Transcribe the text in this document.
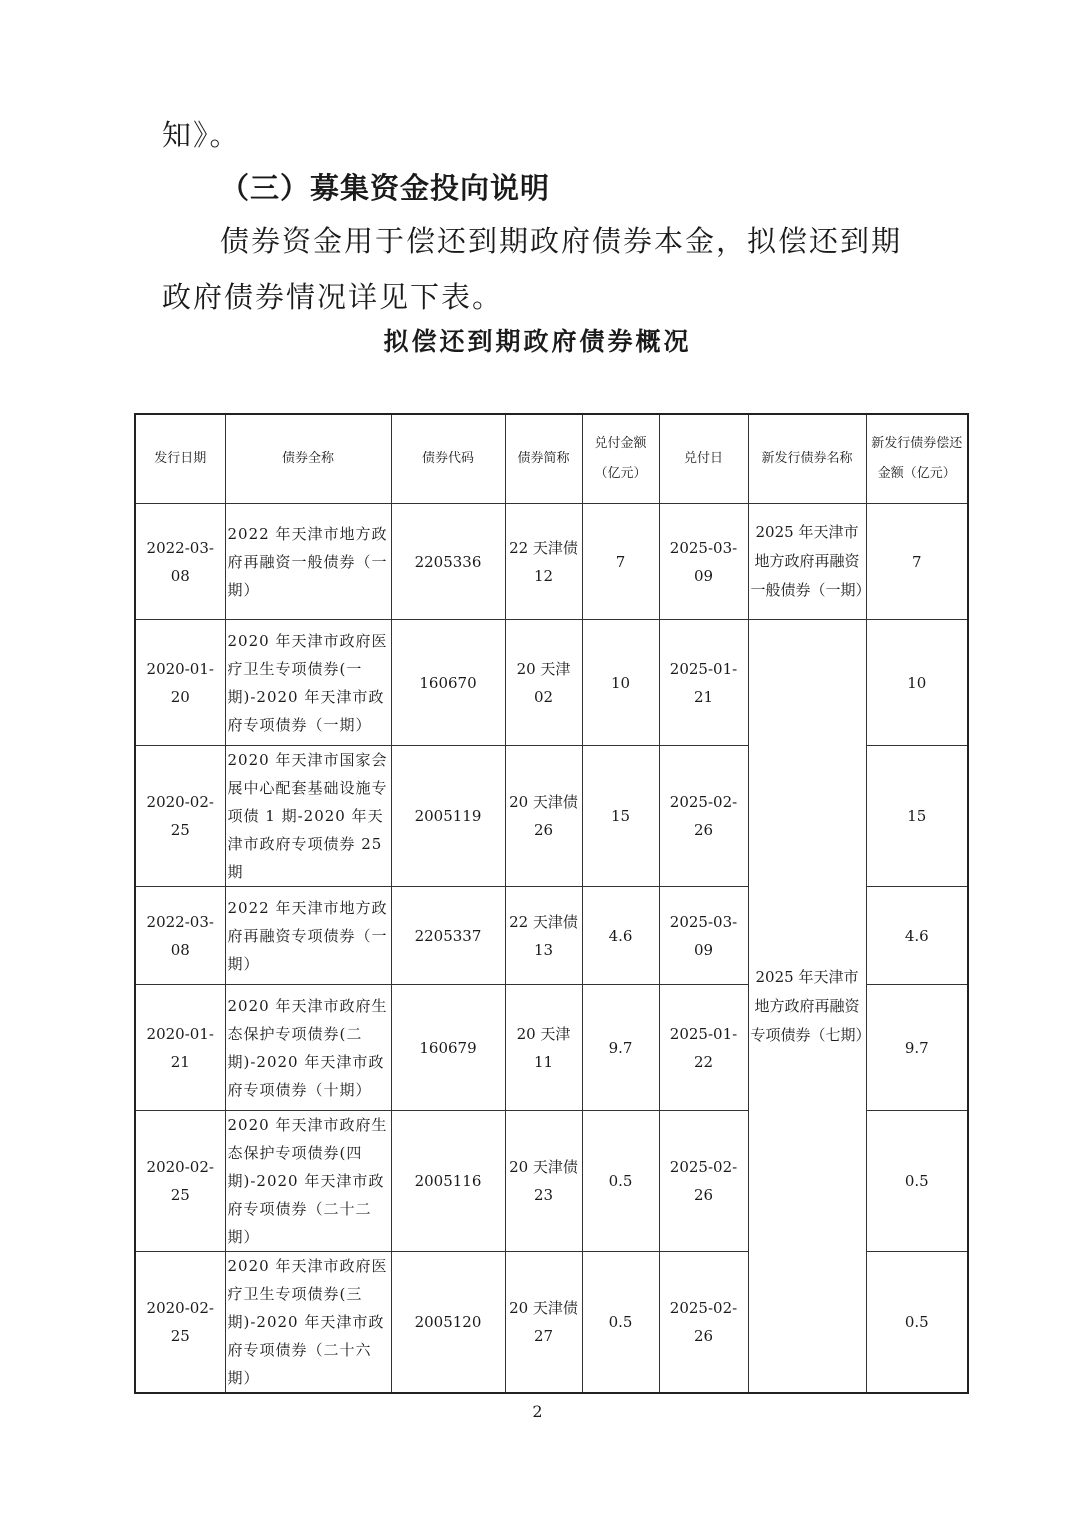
知》。

（三）募集资金投向说明

债券资金用于偿还到期政府债券本金，拟偿还到期政府债券情况详见下表。

拟偿还到期政府债券概况
发行日期	债券全称	债券代码	债券简称	兑付金额（亿元）	兑付日	新发行债券名称	新发行债券偿还金额（亿元）
2022-03-08	2022 年天津市地方政府再融资一般债券（一期）	2205336	22 天津债 12	7	2025-03-09	2025 年天津市地方政府再融资一般债券（一期）	7
2020-01-20	2020 年天津市政府医疗卫生专项债券(一期)-2020 年天津市政府专项债券（一期）	160670	20 天津 02	10	2025-01-21	2025 年天津市地方政府再融资专项债券（七期）	10
2020-02-25	2020 年天津市国家会展中心配套基础设施专项债 1 期-2020 年天津市政府专项债券 25 期	2005119	20 天津债 26	15	2025-02-26		15
2022-03-08	2022 年天津市地方政府再融资专项债券（一期）	2205337	22 天津债 13	4.6	2025-03-09		4.6
2020-01-21	2020 年天津市政府生态保护专项债券(二期)-2020 年天津市政府专项债券（十期）	160679	20 天津 11	9.7	2025-01-22		9.7
2020-02-25	2020 年天津市政府生态保护专项债券(四期)-2020 年天津市政府专项债券（二十二期）	2005116	20 天津债 23	0.5	2025-02-26		0.5
2020-02-25	2020 年天津市政府医疗卫生专项债券(三期)-2020 年天津市政府专项债券（二十六期）	2005120	20 天津债 27	0.5	2025-02-26		0.5
2
